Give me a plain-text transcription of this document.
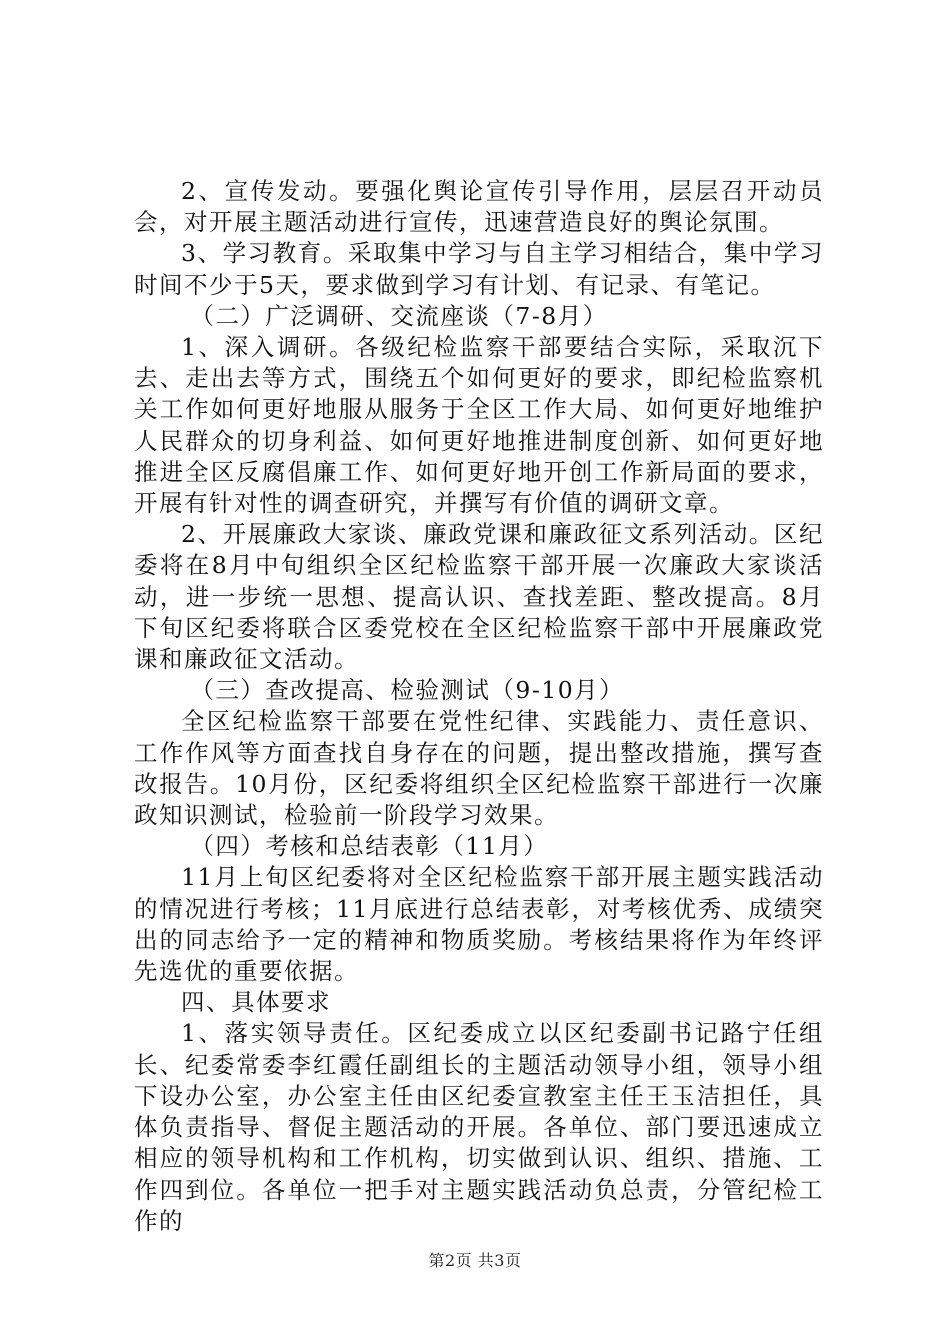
2、宣传发动。要强化舆论宣传引导作用，层层召开动员会，对开展主题活动进行宣传，迅速营造良好的舆论氛围。

3、学习教育。采取集中学习与自主学习相结合，集中学习时间不少于5天，要求做到学习有计划、有记录、有笔记。

（二）广泛调研、交流座谈（7-8月）

1、深入调研。各级纪检监察干部要结合实际，采取沉下去、走出去等方式，围绕五个如何更好的要求，即纪检监察机关工作如何更好地服从服务于全区工作大局、如何更好地维护人民群众的切身利益、如何更好地推进制度创新、如何更好地推进全区反腐倡廉工作、如何更好地开创工作新局面的要求，开展有针对性的调查研究，并撰写有价值的调研文章。

2、开展廉政大家谈、廉政党课和廉政征文系列活动。区纪委将在8月中旬组织全区纪检监察干部开展一次廉政大家谈活动，进一步统一思想、提高认识、查找差距、整改提高。8月下旬区纪委将联合区委党校在全区纪检监察干部中开展廉政党课和廉政征文活动。

（三）查改提高、检验测试（9-10月）

全区纪检监察干部要在党性纪律、实践能力、责任意识、工作作风等方面查找自身存在的问题，提出整改措施，撰写查改报告。10月份，区纪委将组织全区纪检监察干部进行一次廉政知识测试，检验前一阶段学习效果。

（四）考核和总结表彰（11月）

11月上旬区纪委将对全区纪检监察干部开展主题实践活动的情况进行考核；11月底进行总结表彰，对考核优秀、成绩突出的同志给予一定的精神和物质奖励。考核结果将作为年终评先选优的重要依据。

四、具体要求

1、落实领导责任。区纪委成立以区纪委副书记路宁任组长、纪委常委李红霞任副组长的主题活动领导小组，领导小组下设办公室，办公室主任由区纪委宣教室主任王玉洁担任，具体负责指导、督促主题活动的开展。各单位、部门要迅速成立相应的领导机构和工作机构，切实做到认识、组织、措施、工作四到位。各单位一把手对主题实践活动负总责，分管纪检工作的

第2页 共3页
